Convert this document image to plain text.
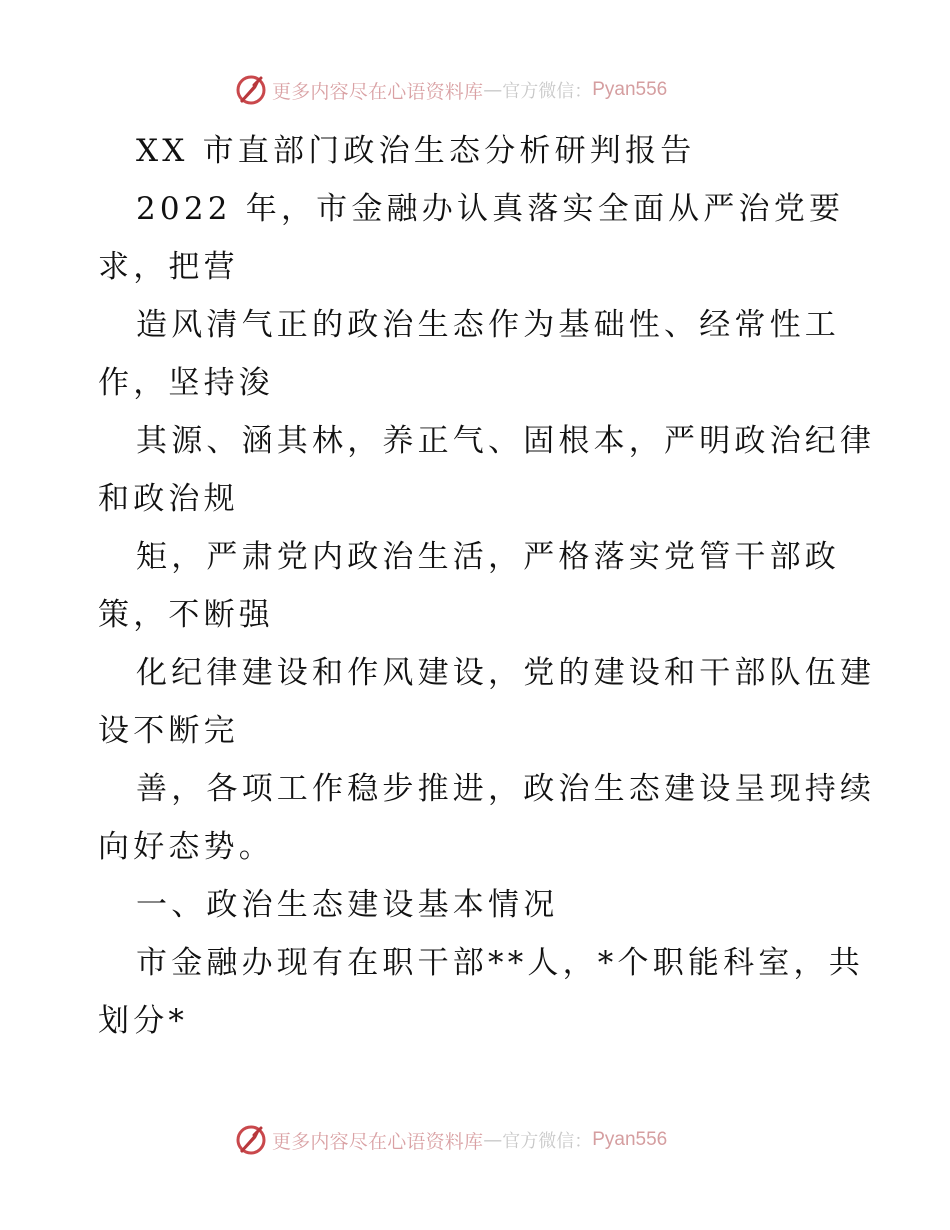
更多内容尽在心语资料库 — 官方微信： Pyan556
XX 市直部门政治生态分析研判报告
2022 年，市金融办认真落实全面从严治党要
求，把营
造风清气正的政治生态作为基础性、经常性工
作，坚持浚
其源、涵其林，养正气、固根本，严明政治纪律
和政治规
矩，严肃党内政治生活，严格落实党管干部政
策，不断强
化纪律建设和作风建设，党的建设和干部队伍建
设不断完
善，各项工作稳步推进，政治生态建设呈现持续
向好态势。
一、政治生态建设基本情况
市金融办现有在职干部**人，*个职能科室，共
划分*
更多内容尽在心语资料库 — 官方微信： Pyan556
